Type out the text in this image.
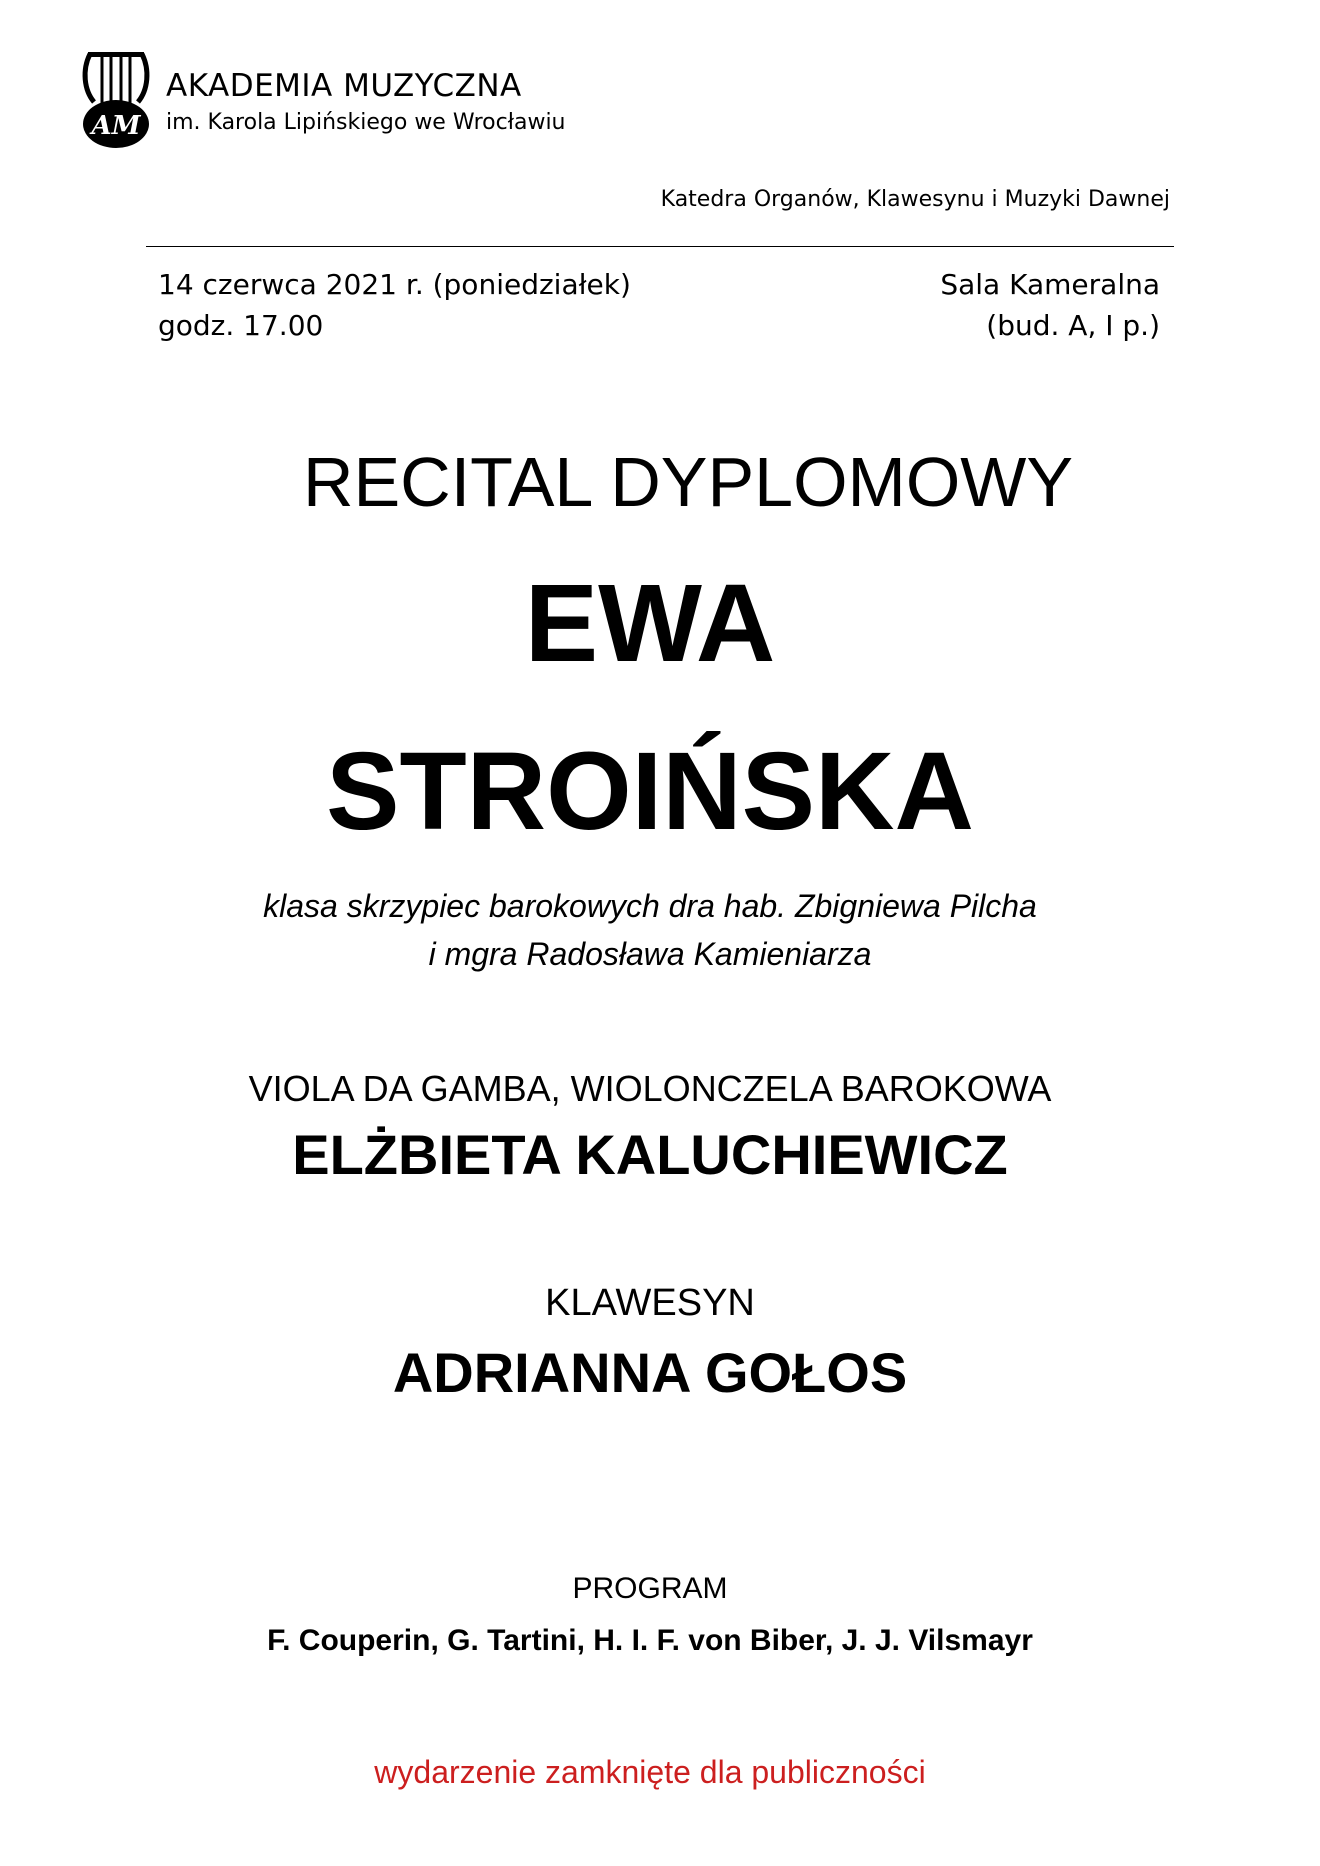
AM
AKADEMIA MUZYCZNA
im. Karola Lipińskiego we Wrocławiu
Katedra Organów, Klawesynu i Muzyki Dawnej
14 czerwca 2021 r. (poniedziałek)
godz. 17.00
Sala Kameralna
(bud. A, I p.)
RECITAL DYPLOMOWY
EWA
STROIŃSKA
klasa skrzypiec barokowych dra hab. Zbigniewa Pilcha
i mgra Radosława Kamieniarza
VIOLA DA GAMBA, WIOLONCZELA BAROKOWA
ELŻBIETA KALUCHIEWICZ
KLAWESYN
ADRIANNA GOŁOS
PROGRAM
F. Couperin, G. Tartini, H. I. F. von Biber, J. J. Vilsmayr
wydarzenie zamknięte dla publiczności
